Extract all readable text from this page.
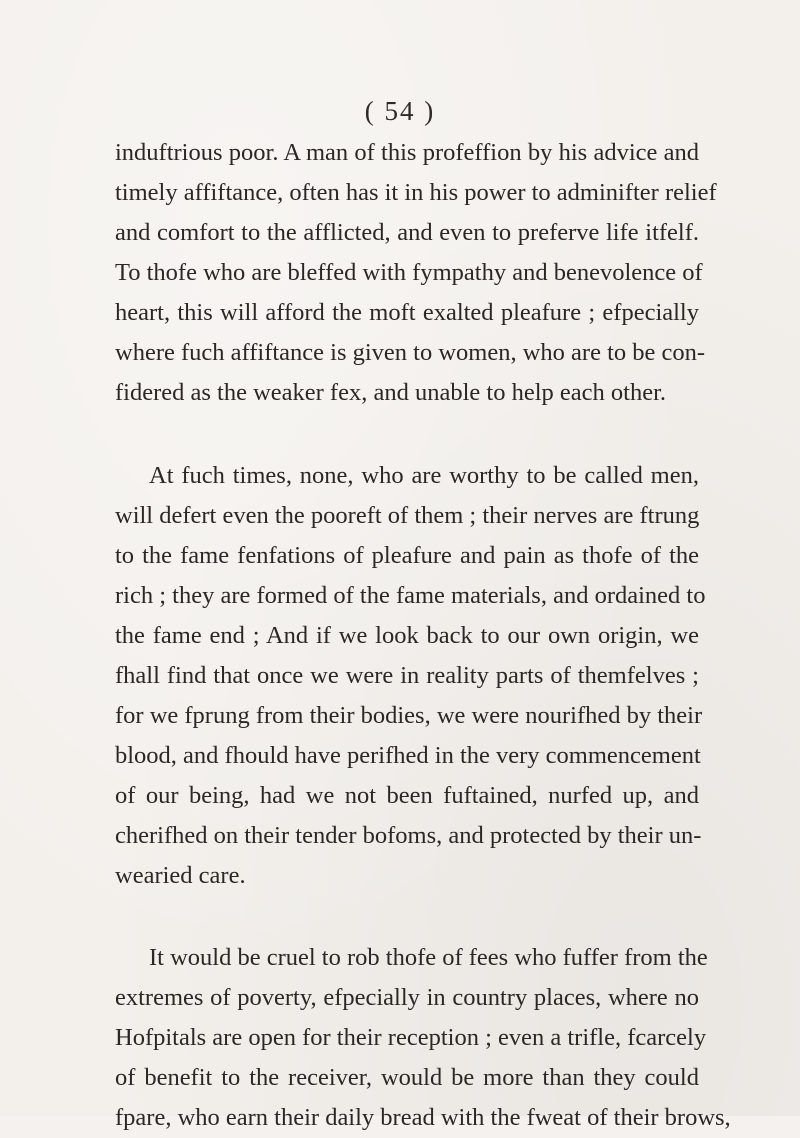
( 54 )
induftrious poor. A man of this profeffion by his advice and
timely affiftance, often has it in his power to adminifter relief
and comfort to the afflicted, and even to preferve life itfelf.
To thofe who are bleffed with fympathy and benevolence of
heart, this will afford the moft exalted pleafure ; efpecially
where fuch affiftance is given to women, who are to be con-
fidered as the weaker fex, and unable to help each other.
At fuch times, none, who are worthy to be called men,
will defert even the pooreft of them ; their nerves are ftrung
to the fame fenfations of pleafure and pain as thofe of the
rich ; they are formed of the fame materials, and ordained to
the fame end ; And if we look back to our own origin, we
fhall find that once we were in reality parts of themfelves ;
for we fprung from their bodies, we were nourifhed by their
blood, and fhould have perifhed in the very commencement
of our being, had we not been fuftained, nurfed up, and
cherifhed on their tender bofoms, and protected by their un-
wearied care.
It would be cruel to rob thofe of fees who fuffer from the
extremes of poverty, efpecially in country places, where no
Hofpitals are open for their reception ; even a trifle, fcarcely
of benefit to the receiver, would be more than they could
fpare, who earn their daily bread with the fweat of their brows,
